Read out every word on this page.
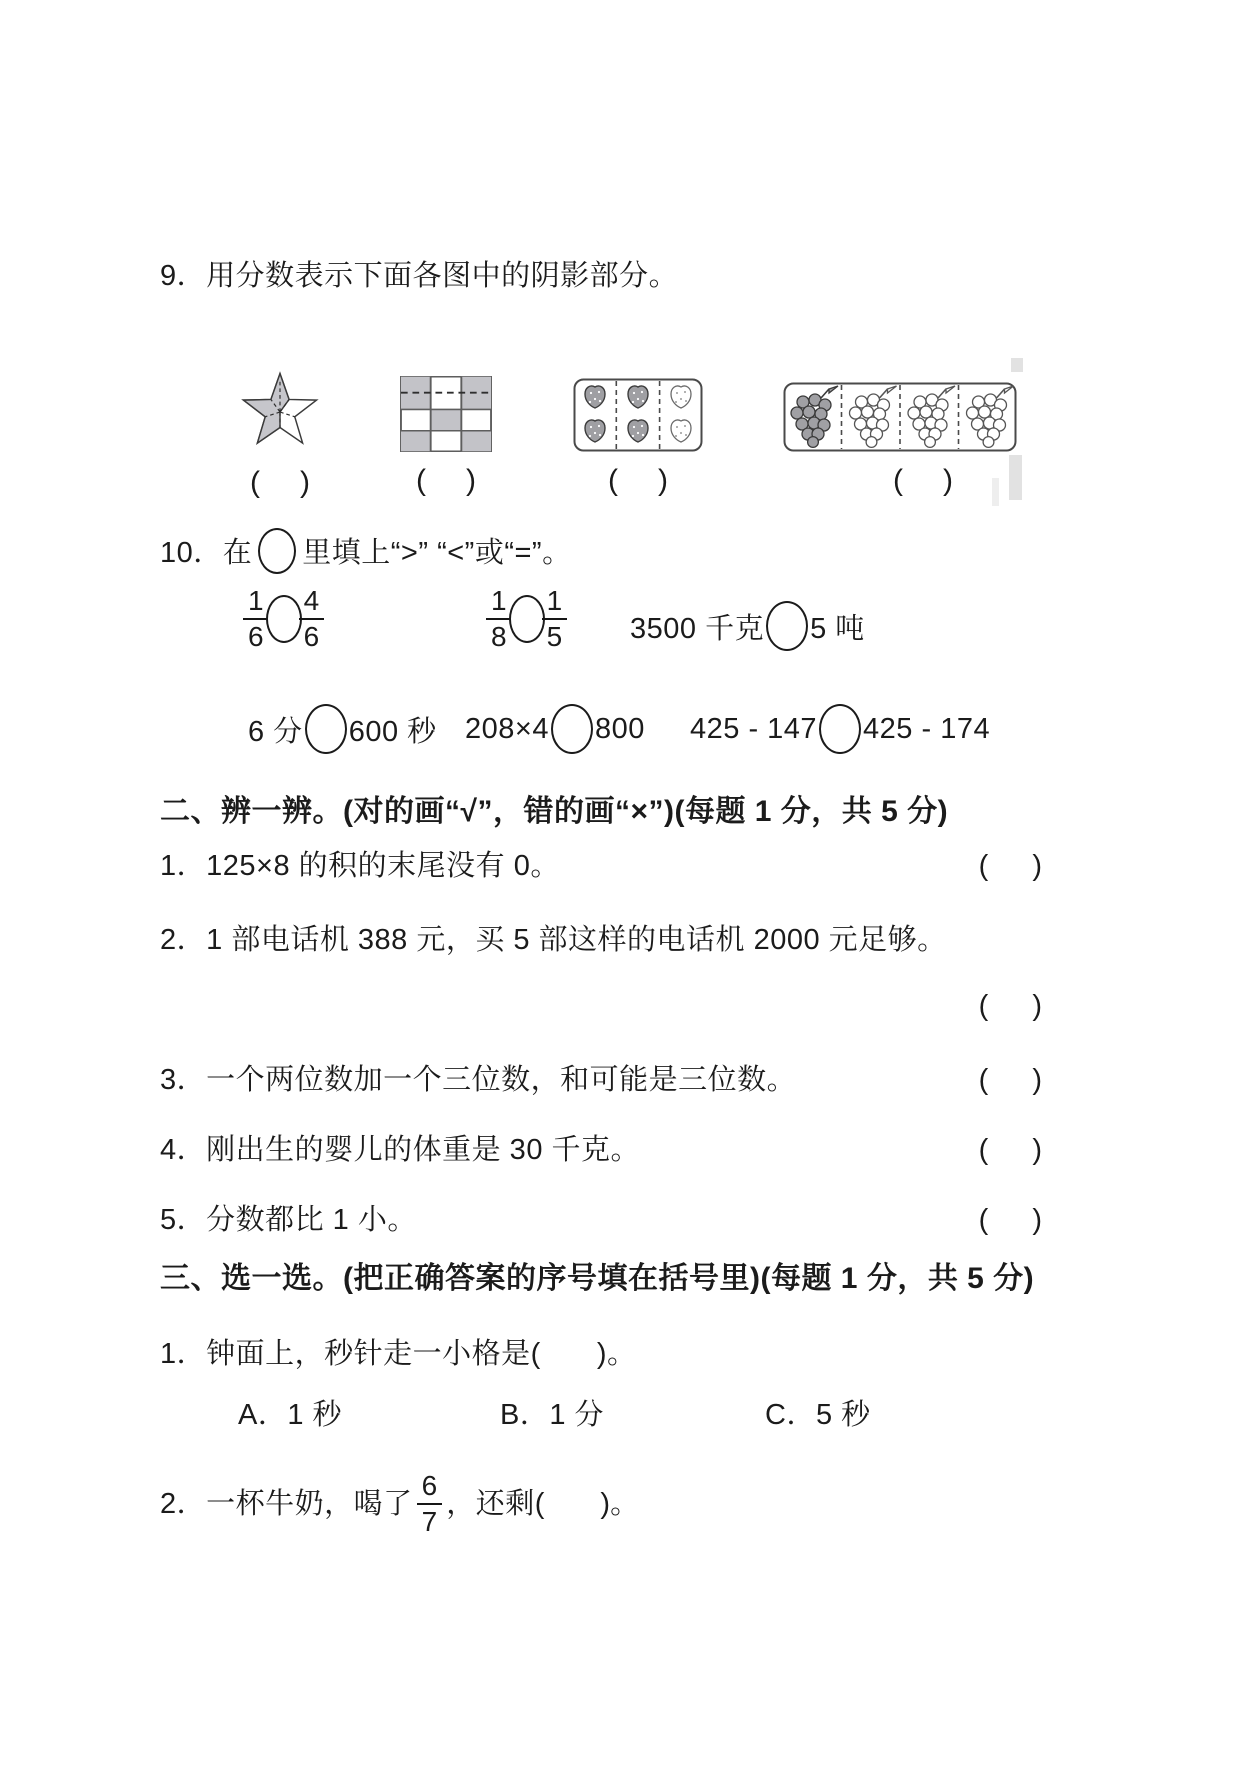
9．用分数表示下面各图中的阴影部分。
( )	( )	( )	( )
10．在 里填上“>” “<”或“=”。
$\frac{1}{6} \frac{4}{6}$	$\frac{1}{8} \frac{1}{5} 3500$ 千克 5 吨
6 分 600 秒 208×4 800 425 - 147 425 - 174
二、辨一辨。(对的画“√”，错的画“×”)(每题 1 分，共 5 分)
1．125×8 的积的末尾没有 0。	( )
2．1 部电话机 388 元，买 5 部这样的电话机 2000 元足够。
( )
3．一个两位数加一个三位数，和可能是三位数。	( )
4．刚出生的婴儿的体重是 30 千克。	( )
5．分数都比 1 小。	( )
三、选一选。(把正确答案的序号填在括号里)(每题 1 分，共 5 分)
1．钟面上，秒针走一小格是 ( ) 。
A．1 秒	B．1 分	C．5 秒
2．一杯牛奶，喝了 $\frac{6}{7}$ ，还剩 ( ) 。
